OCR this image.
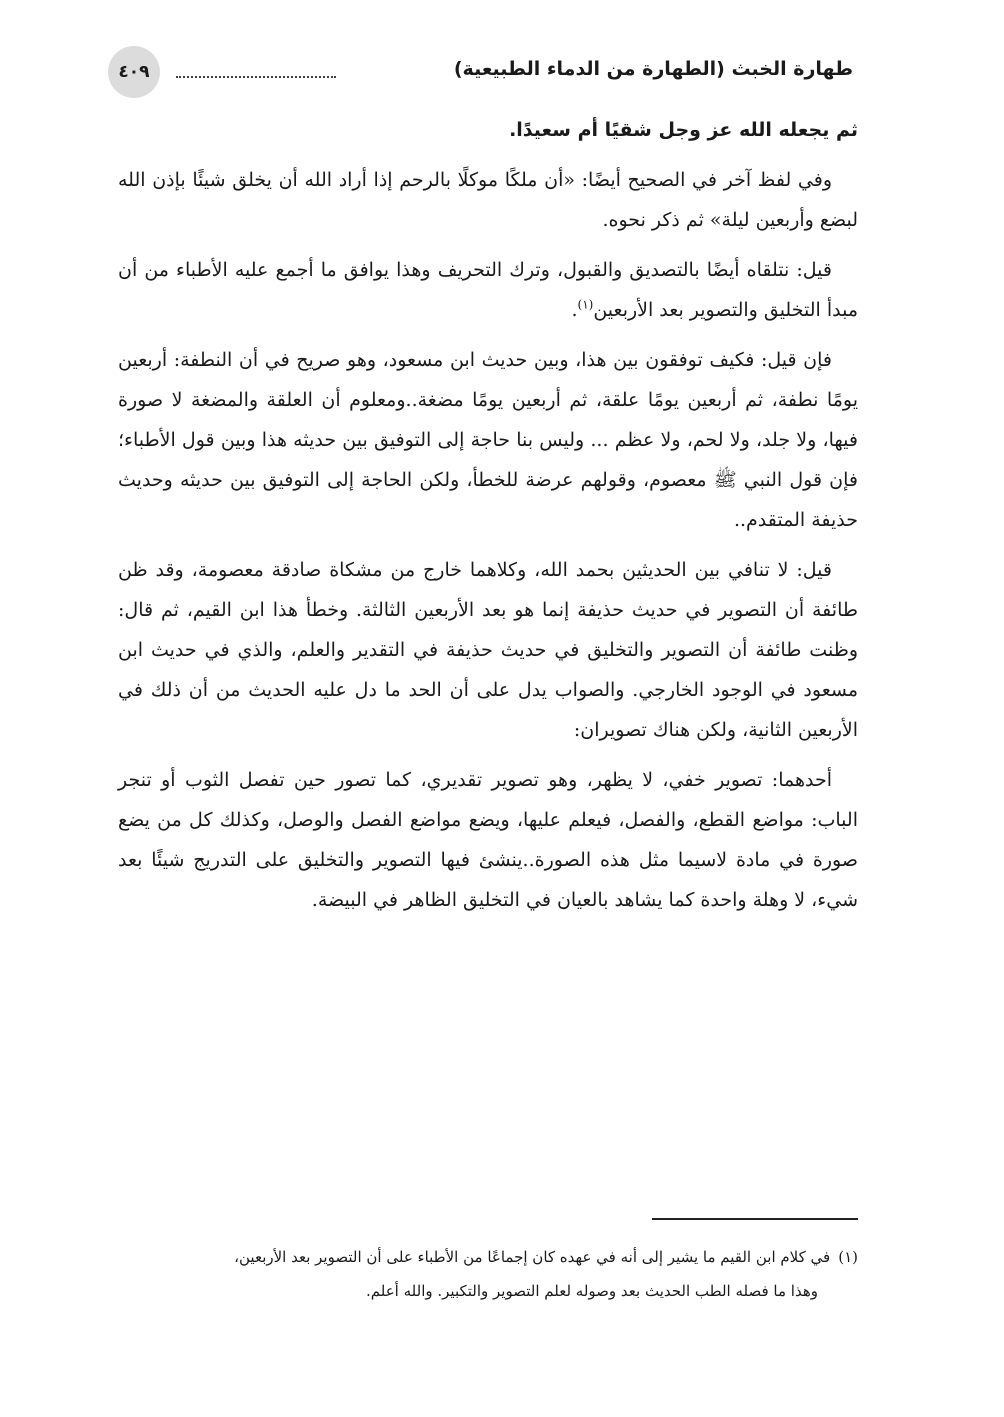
طهارة الخبث (الطهارة من الدماء الطبيعية)
٤٠٩

ثم يجعله الله عز وجل شقيًا أم سعيدًا.

وفي لفظ آخر في الصحيح أيضًا: «أن ملكًا موكلًا بالرحم إذا أراد الله أن يخلق شيئًا بإذن الله لبضع وأربعين ليلة» ثم ذكر نحوه.

قيل: نتلقاه أيضًا بالتصديق والقبول، وترك التحريف وهذا يوافق ما أجمع عليه الأطباء من أن مبدأ التخليق والتصوير بعد الأربعين$^{(١)}$.

فإن قيل: فكيف توفقون بين هذا، وبين حديث ابن مسعود، وهو صريح في أن النطفة: أربعين يومًا نطفة، ثم أربعين يومًا علقة، ثم أربعين يومًا مضغة..ومعلوم أن العلقة والمضغة لا صورة فيها، ولا جلد، ولا لحم، ولا عظم ... وليس بنا حاجة إلى التوفيق بين حديثه هذا وبين قول الأطباء؛ فإن قول النبي ﷺ معصوم، وقولهم عرضة للخطأ، ولكن الحاجة إلى التوفيق بين حديثه وحديث حذيفة المتقدم..

قيل: لا تنافي بين الحديثين بحمد الله، وكلاهما خارج من مشكاة صادقة معصومة، وقد ظن طائفة أن التصوير في حديث حذيفة إنما هو بعد الأربعين الثالثة. وخطأ هذا ابن القيم، ثم قال: وظنت طائفة أن التصوير والتخليق في حديث حذيفة في التقدير والعلم، والذي في حديث ابن مسعود في الوجود الخارجي. والصواب يدل على أن الحد ما دل عليه الحديث من أن ذلك في الأربعين الثانية، ولكن هناك تصويران:

أحدهما: تصوير خفي، لا يظهر، وهو تصوير تقديري، كما تصور حين تفصل الثوب أو تنجر الباب: مواضع القطع، والفصل، فيعلم عليها، ويضع مواضع الفصل والوصل، وكذلك كل من يضع صورة في مادة لاسيما مثل هذه الصورة..ينشئ فيها التصوير والتخليق على التدريج شيئًا بعد شيء، لا وهلة واحدة كما يشاهد بالعيان في التخليق الظاهر في البيضة.

(١)في كلام ابن القيم ما يشير إلى أنه في عهده كان إجماعًا من الأطباء على أن التصوير بعد الأربعين،
وهذا ما فصله الطب الحديث بعد وصوله لعلم التصوير والتكبير. والله أعلم.
